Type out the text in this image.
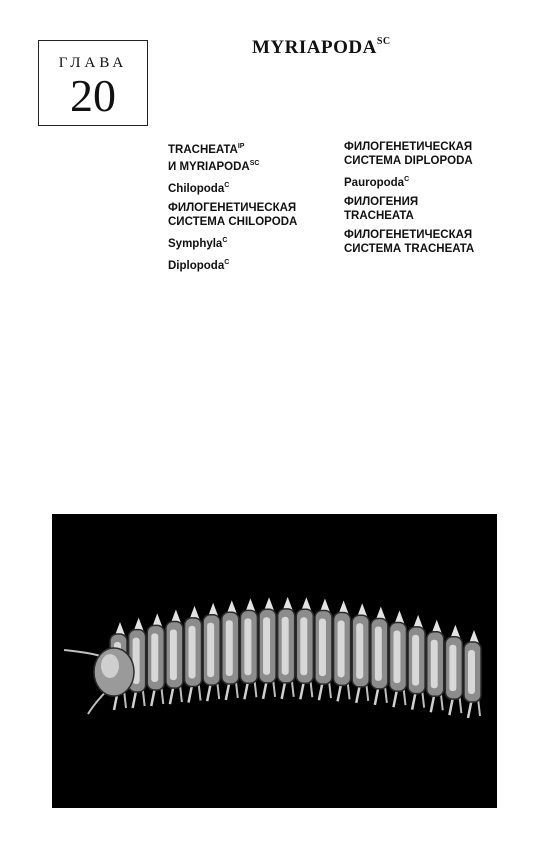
ГЛАВА
20
$MYRIAPODA^{SC}$
$TRACHEATA^{IP}$
И $MYRIAPODA^{SC}$
Chilopoda$^C$
ФИЛОГЕНЕТИЧЕСКАЯ
СИСТЕМА CHILOPODA
Symphyla$^C$
Diplopoda$^C$
ФИЛОГЕНЕТИЧЕСКАЯ
СИСТЕМА DIPLOPODA
Pauropoda$^C$
ФИЛОГЕНИЯ
TRACHEATA
ФИЛОГЕНЕТИЧЕСКАЯ
СИСТЕМА TRACHEATA
